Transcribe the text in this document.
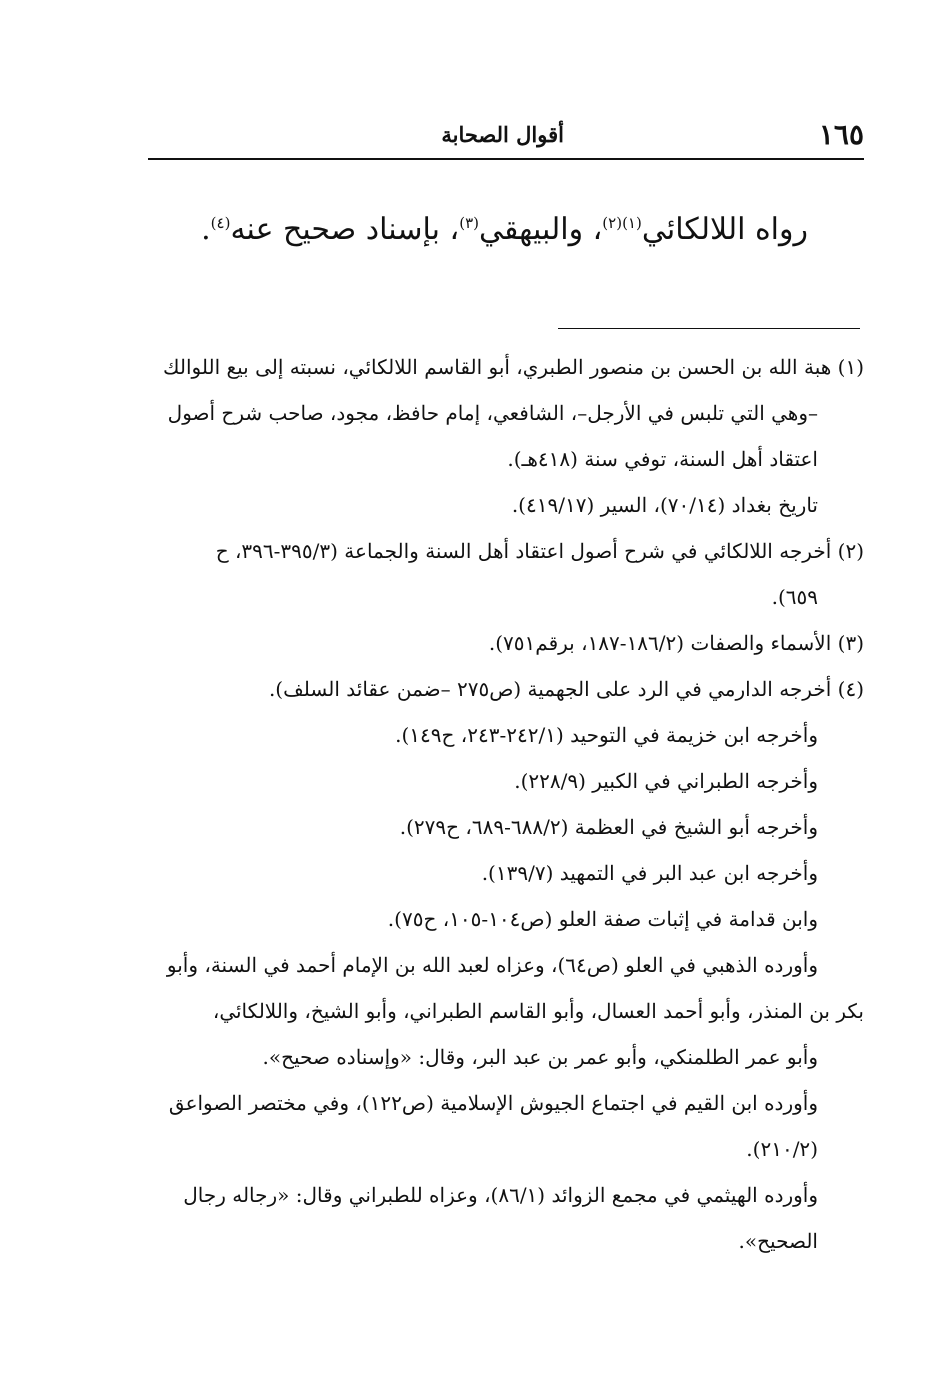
١٦٥
أقوال الصحابة
رواه اللالكائي$^{(١)(٢)}$، والبيهقي$^{(٣)}$، بإسناد صحيح عنه$^{(٤)}$.
(١) هبة الله بن الحسن بن منصور الطبري، أبو القاسم اللالكائي، نسبته إلى بيع اللوالك
–وهي التي تلبس في الأرجل–، الشافعي، إمام حافظ، مجود، صاحب شرح أصول
اعتقاد أهل السنة، توفي سنة (٤١٨هـ).
تاريخ بغداد (٧٠/١٤)، السير (٤١٩/١٧).
(٢) أخرجه اللالكائي في شرح أصول اعتقاد أهل السنة والجماعة (٣٩٥/٣-٣٩٦، ح
٦٥٩).
(٣) الأسماء والصفات (١٨٦/٢-١٨٧، برقم٧٥١).
(٤) أخرجه الدارمي في الرد على الجهمية (ص٢٧٥ –ضمن عقائد السلف).
وأخرجه ابن خزيمة في التوحيد (٢٤٢/١-٢٤٣، ح١٤٩).
وأخرجه الطبراني في الكبير (٢٢٨/٩).
وأخرجه أبو الشيخ في العظمة (٦٨٨/٢-٦٨٩، ح٢٧٩).
وأخرجه ابن عبد البر في التمهيد (١٣٩/٧).
وابن قدامة في إثبات صفة العلو (ص١٠٤-١٠٥، ح٧٥).
وأورده الذهبي في العلو (ص٦٤)، وعزاه لعبد الله بن الإمام أحمد في السنة، وأبو
بكر بن المنذر، وأبو أحمد العسال، وأبو القاسم الطبراني، وأبو الشيخ، واللالكائي،
وأبو عمر الطلمنكي، وأبو عمر بن عبد البر، وقال: «وإسناده صحيح».
وأورده ابن القيم في اجتماع الجيوش الإسلامية (ص١٢٢)، وفي مختصر الصواعق
(٢١٠/٢).
وأورده الهيثمي في مجمع الزوائد (٨٦/١)، وعزاه للطبراني وقال: «رجاله رجال
الصحيح».
